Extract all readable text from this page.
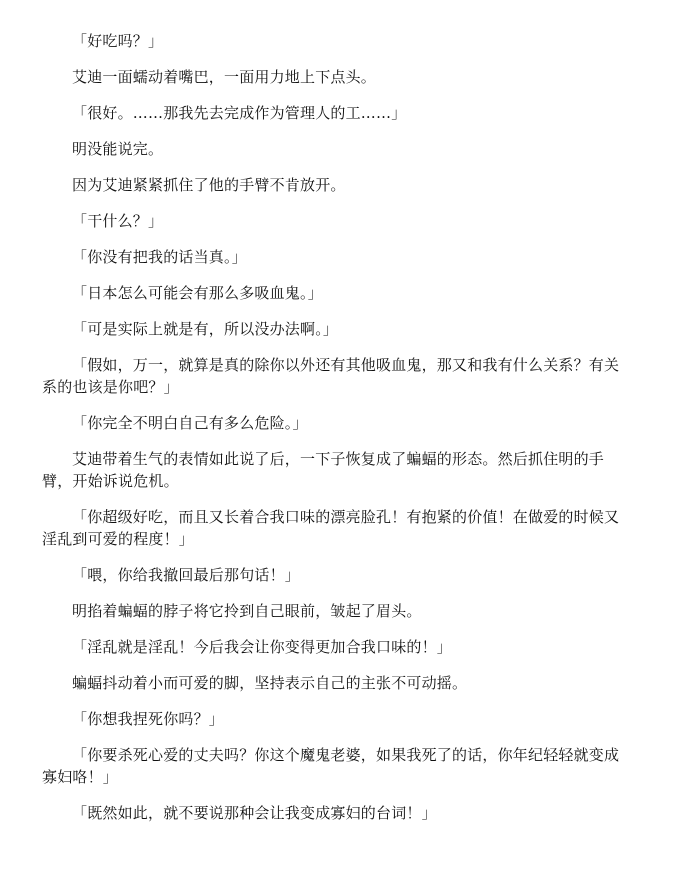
「好吃吗？」

艾迪一面蠕动着嘴巴，一面用力地上下点头。

「很好。……那我先去完成作为管理人的工……」

明没能说完。

因为艾迪紧紧抓住了他的手臂不肯放开。

「干什么？」

「你没有把我的话当真。」

「日本怎么可能会有那么多吸血鬼。」

「可是实际上就是有，所以没办法啊。」

「假如，万一，就算是真的除你以外还有其他吸血鬼，那又和我有什么关系？有关系的也该是你吧？」

「你完全不明白自己有多么危险。」

艾迪带着生气的表情如此说了后，一下子恢复成了蝙蝠的形态。然后抓住明的手臂，开始诉说危机。

「你超级好吃，而且又长着合我口味的漂亮脸孔！有抱紧的价值！在做爱的时候又淫乱到可爱的程度！」

「喂，你给我撤回最后那句话！」

明掐着蝙蝠的脖子将它拎到自己眼前，皱起了眉头。

「淫乱就是淫乱！今后我会让你变得更加合我口味的！」

蝙蝠抖动着小而可爱的脚，坚持表示自己的主张不可动摇。

「你想我捏死你吗？」

「你要杀死心爱的丈夫吗？你这个魔鬼老婆，如果我死了的话，你年纪轻轻就变成寡妇咯！」

「既然如此，就不要说那种会让我变成寡妇的台词！」
